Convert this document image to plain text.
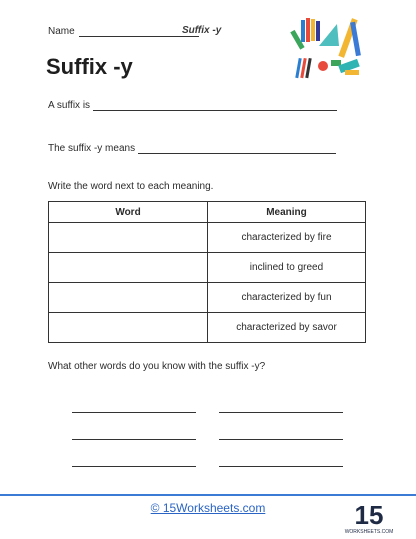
Name	Suffix -y
Suffix -y
A suffix is
The suffix -y means
Write the word next to each meaning.
Word	Meaning
	characterized by fire
	inclined to greed
	characterized by fun
	characterized by savor
What other words do you know with the suffix -y?
© 15Worksheets.com	15
WORKSHEETS.COM
